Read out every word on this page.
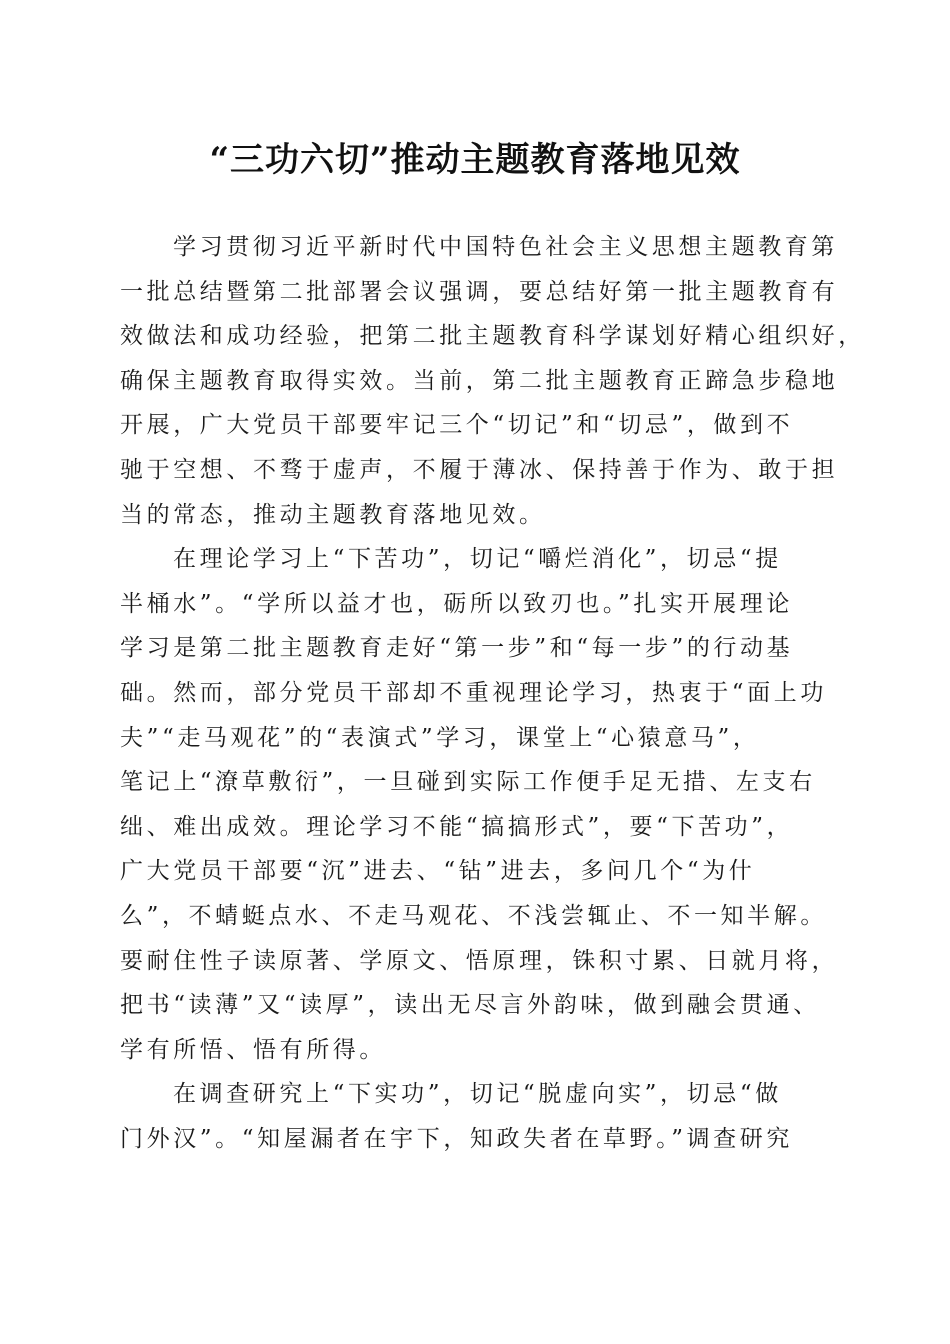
“三功六切”推动主题教育落地见效
学习贯彻习近平新时代中国特色社会主义思想主题教育第
一批总结暨第二批部署会议强调，要总结好第一批主题教育有
效做法和成功经验，把第二批主题教育科学谋划好精心组织好，
确保主题教育取得实效。当前，第二批主题教育正蹄急步稳地
开展，广大党员干部要牢记三个“切记”和“切忌”，做到不
驰于空想、不骛于虚声，不履于薄冰、保持善于作为、敢于担
当的常态，推动主题教育落地见效。
在理论学习上“下苦功”，切记“嚼烂消化”，切忌“提
半桶水”。“学所以益才也，砺所以致刃也。”扎实开展理论
学习是第二批主题教育走好“第一步”和“每一步”的行动基
础。然而，部分党员干部却不重视理论学习，热衷于“面上功
夫”“走马观花”的“表演式”学习，课堂上“心猿意马”，
笔记上“潦草敷衍”，一旦碰到实际工作便手足无措、左支右
绌、难出成效。理论学习不能“搞搞形式”，要“下苦功”，
广大党员干部要“沉”进去、“钻”进去，多问几个“为什
么”，不蜻蜓点水、不走马观花、不浅尝辄止、不一知半解。
要耐住性子读原著、学原文、悟原理，铢积寸累、日就月将，
把书“读薄”又“读厚”，读出无尽言外韵味，做到融会贯通、
学有所悟、悟有所得。
在调查研究上“下实功”，切记“脱虚向实”，切忌“做
门外汉”。“知屋漏者在宇下，知政失者在草野。”调查研究
